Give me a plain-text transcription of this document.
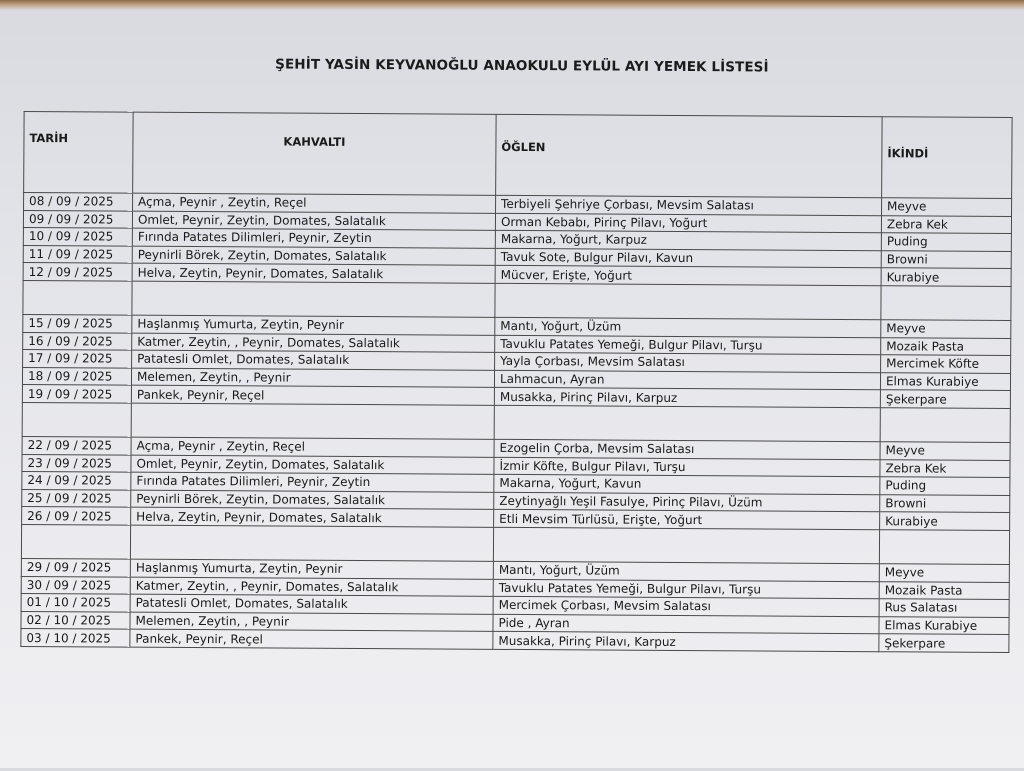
ŞEHİT YASİN KEYVANOĞLU ANAOKULU EYLÜL AYI YEMEK LİSTESİ
TARİH	KAHVALTI	ÖĞLEN	İKİNDİ
08 / 09 / 2025	Açma, Peynir , Zeytin, Reçel	Terbiyeli Şehriye Çorbası, Mevsim Salatası	Meyve
09 / 09 / 2025	Omlet, Peynir, Zeytin, Domates, Salatalık	Orman Kebabı, Pirinç Pilavı, Yoğurt	Zebra Kek
10 / 09 / 2025	Fırında Patates Dilimleri, Peynir, Zeytin	Makarna, Yoğurt, Karpuz	Puding
11 / 09 / 2025	Peynirli Börek, Zeytin, Domates, Salatalık	Tavuk Sote, Bulgur Pilavı, Kavun	Browni
12 / 09 / 2025	Helva, Zeytin, Peynir, Domates, Salatalık	Mücver, Erişte, Yoğurt	Kurabiye

15 / 09 / 2025	Haşlanmış Yumurta, Zeytin, Peynir	Mantı, Yoğurt, Üzüm	Meyve
16 / 09 / 2025	Katmer, Zeytin, , Peynir, Domates, Salatalık	Tavuklu Patates Yemeği, Bulgur Pilavı, Turşu	Mozaik Pasta
17 / 09 / 2025	Patatesli Omlet, Domates, Salatalık	Yayla Çorbası, Mevsim Salatası	Mercimek Köfte
18 / 09 / 2025	Melemen, Zeytin, , Peynir	Lahmacun, Ayran	Elmas Kurabiye
19 / 09 / 2025	Pankek, Peynir, Reçel	Musakka, Pirinç Pilavı, Karpuz	Şekerpare

22 / 09 / 2025	Açma, Peynir , Zeytin, Reçel	Ezogelin Çorba, Mevsim Salatası	Meyve
23 / 09 / 2025	Omlet, Peynir, Zeytin, Domates, Salatalık	İzmir Köfte, Bulgur Pilavı, Turşu	Zebra Kek
24 / 09 / 2025	Fırında Patates Dilimleri, Peynir, Zeytin	Makarna, Yoğurt, Kavun	Puding
25 / 09 / 2025	Peynirli Börek, Zeytin, Domates, Salatalık	Zeytinyağlı Yeşil Fasulye, Pirinç Pilavı, Üzüm	Browni
26 / 09 / 2025	Helva, Zeytin, Peynir, Domates, Salatalık	Etli Mevsim Türlüsü, Erişte, Yoğurt	Kurabiye

29 / 09 / 2025	Haşlanmış Yumurta, Zeytin, Peynir	Mantı, Yoğurt, Üzüm	Meyve
30 / 09 / 2025	Katmer, Zeytin, , Peynir, Domates, Salatalık	Tavuklu Patates Yemeği, Bulgur Pilavı, Turşu	Mozaik Pasta
01 / 10 / 2025	Patatesli Omlet, Domates, Salatalık	Mercimek Çorbası, Mevsim Salatası	Rus Salatası
02 / 10 / 2025	Melemen, Zeytin, , Peynir	Pide , Ayran	Elmas Kurabiye
03 / 10 / 2025	Pankek, Peynir, Reçel	Musakka, Pirinç Pilavı, Karpuz	Şekerpare
